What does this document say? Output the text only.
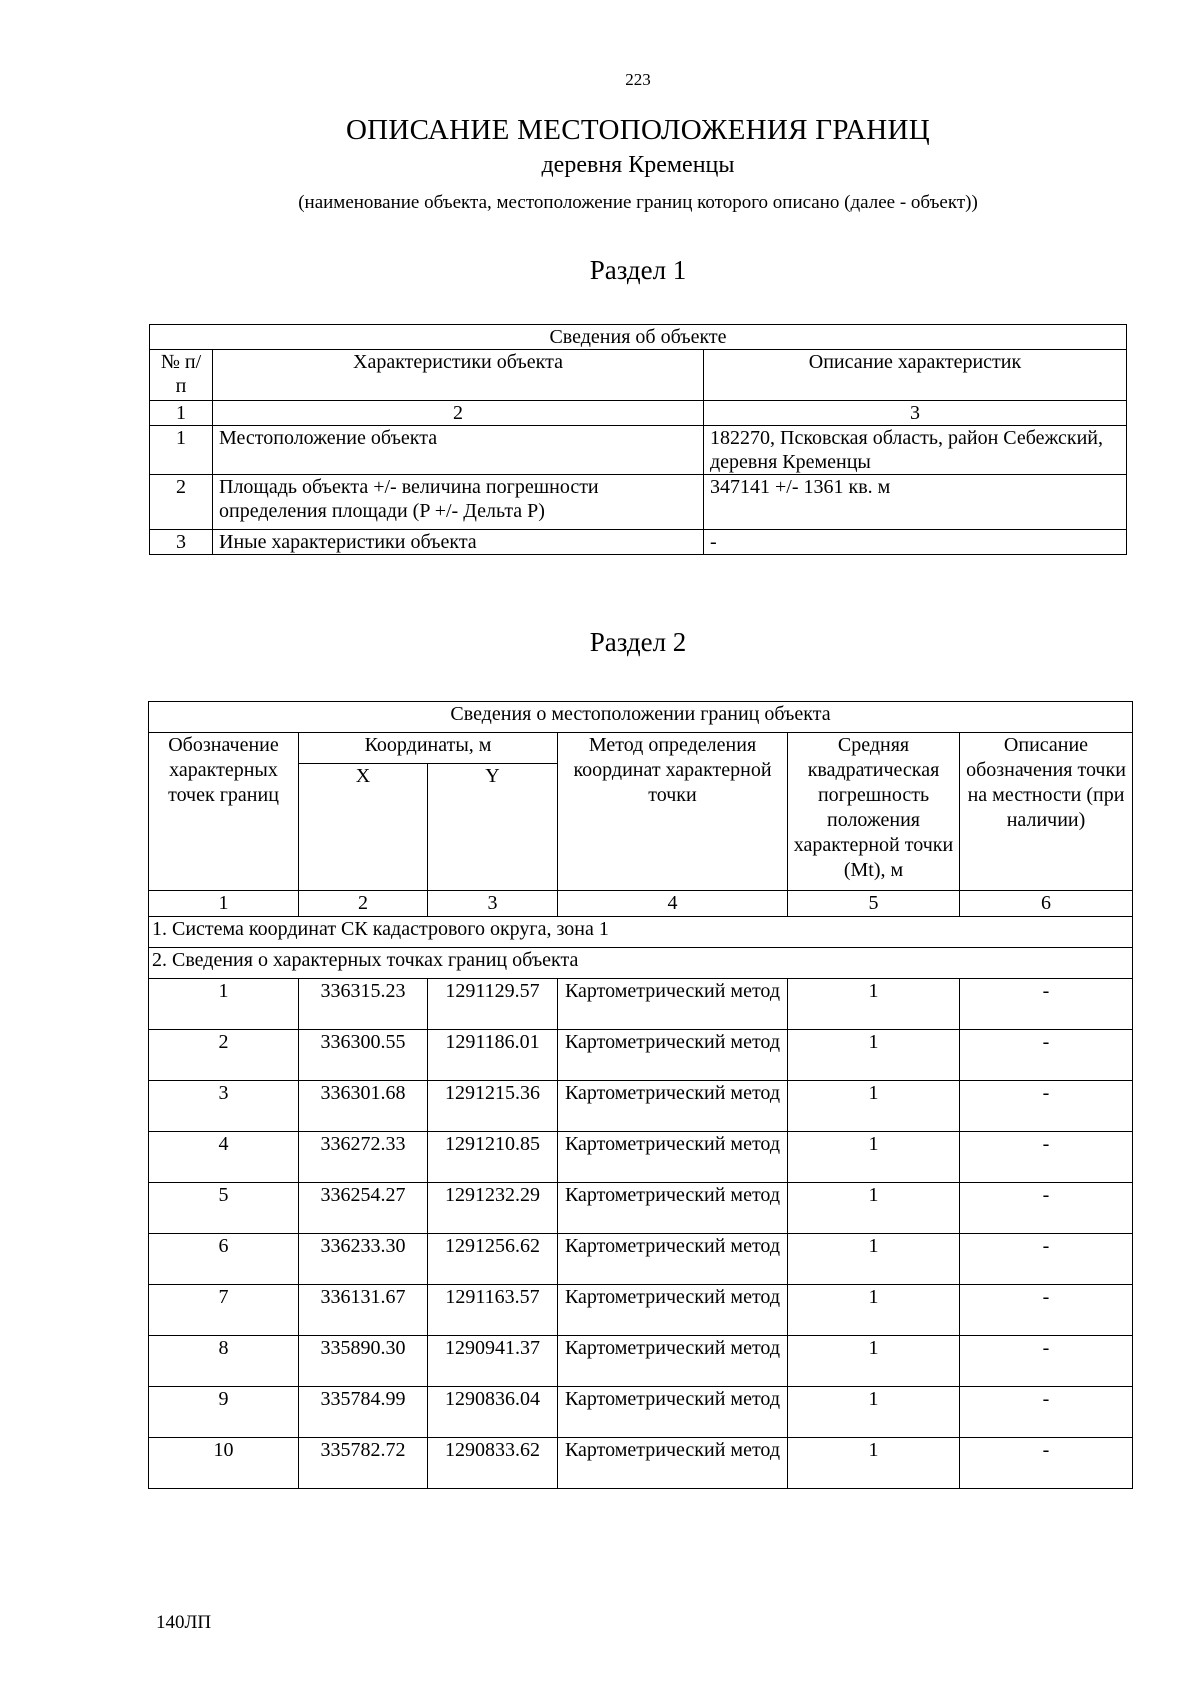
223
ОПИСАНИЕ МЕСТОПОЛОЖЕНИЯ ГРАНИЦ
деревня Кременцы
(наименование объекта, местоположение границ которого описано (далее - объект))
Раздел 1
Сведения об объекте		
№ п/п	Характеристики объекта	Описание характеристик
1	2	3
1	Местоположение объекта	182270, Псковская область, район Себежский, деревня Кременцы
2	Площадь объекта +/- величина погрешности определения площади (P +/- Дельта P)	347141 +/- 1361 кв. м
3	Иные характеристики объекта	-
Раздел 2
Сведения о местоположении границ объекта					
Обозначение характерных точек границ	Координаты, м		Метод определения координат характерной точки	Средняя квадратическая погрешность положения характерной точки (Mt), м	Описание обозначения точки на местности (при наличии)
	X	Y			
1	2	3	4	5	6
1. Система координат СК кадастрового округа, зона 1					
2. Сведения о характерных точках границ объекта					
1	336315.23	1291129.57	Картометрический метод	1	-
2	336300.55	1291186.01	Картометрический метод	1	-
3	336301.68	1291215.36	Картометрический метод	1	-
4	336272.33	1291210.85	Картометрический метод	1	-
5	336254.27	1291232.29	Картометрический метод	1	-
6	336233.30	1291256.62	Картометрический метод	1	-
7	336131.67	1291163.57	Картометрический метод	1	-
8	335890.30	1290941.37	Картометрический метод	1	-
9	335784.99	1290836.04	Картометрический метод	1	-
10	335782.72	1290833.62	Картометрический метод	1	-
140ЛП
